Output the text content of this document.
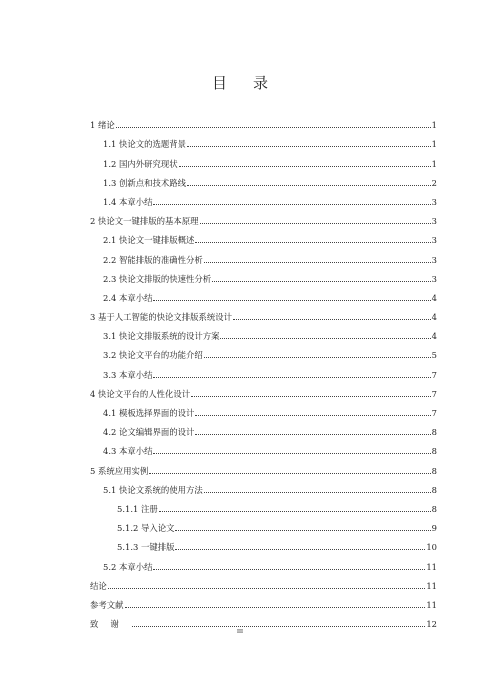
目录
1 绪论	1
1.1 快论文的选题背景	1
1.2 国内外研究现状	1
1.3 创新点和技术路线	2
1.4 本章小结	3
2 快论文一键排版的基本原理	3
2.1 快论文一键排版概述	3
2.2 智能排版的准确性分析	3
2.3 快论文排版的快速性分析	3
2.4 本章小结	4
3 基于人工智能的快论文排版系统设计	4
3.1 快论文排版系统的设计方案	4
3.2 快论文平台的功能介绍	5
3.3 本章小结	7
4 快论文平台的人性化设计	7
4.1 模板选择界面的设计	7
4.2 论文编辑界面的设计	8
4.3 本章小结	8
5 系统应用实例	8
5.1 快论文系统的使用方法	8
5.1.1 注册	8
5.1.2 导入论文	9
5.1.3 一键排版	10
5.2 本章小结	11
结论	11
参考文献	11
致谢	12
III
